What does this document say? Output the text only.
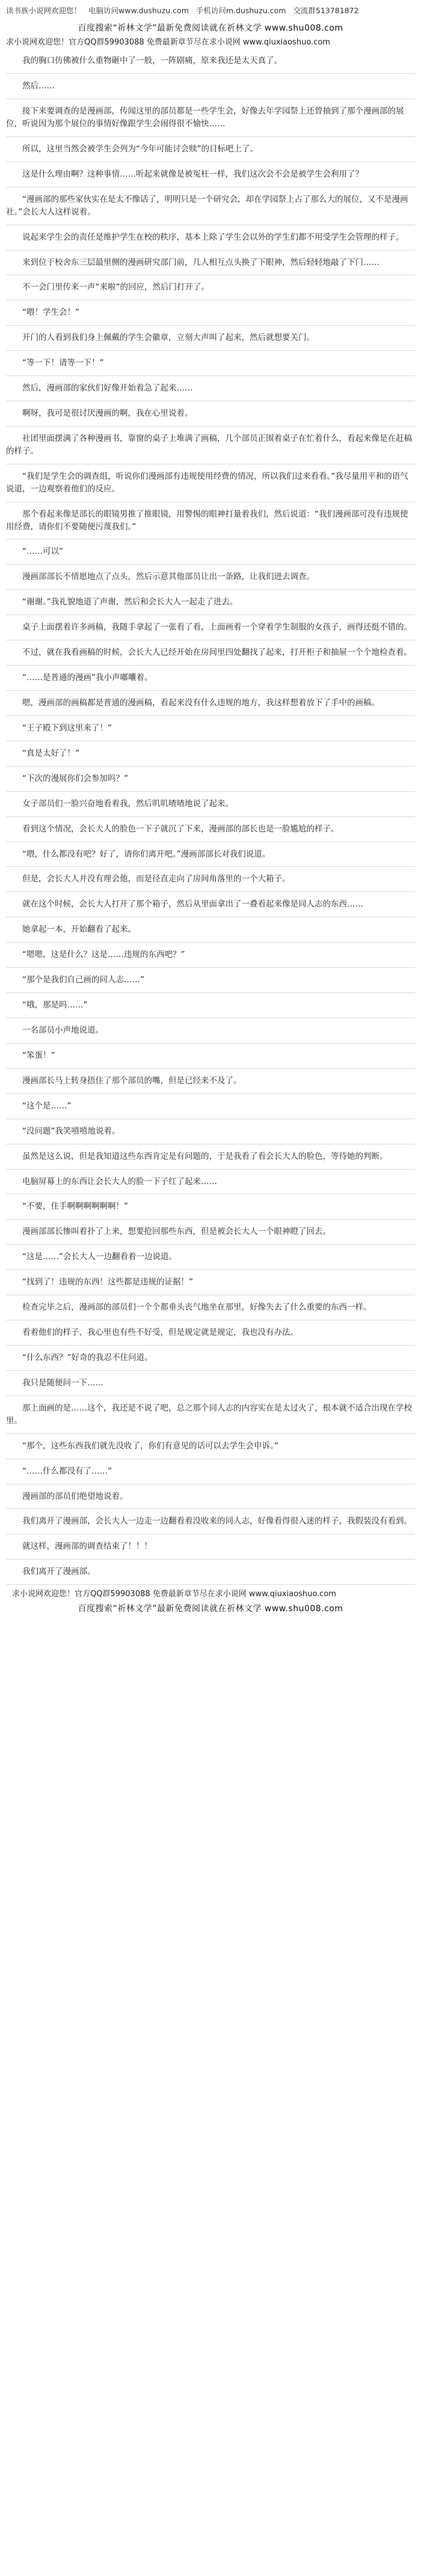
读书族小说网欢迎您！ 电脑访问www.dushuzu.com 手机访问m.dushuzu.com 交流群513781872
百度搜索“祈林文学”最新免费阅读就在祈林文学 www.shu008.com
求小说网欢迎您！官方QQ群59903088 免费最新章节尽在求小说网 www.qiuxiaoshuo.com

我的胸口仿佛被什么重物砸中了一般，一阵剧痛，原来我还是太天真了。

然后……

接下来要调查的是漫画部，传闻这里的部员都是一些学生会，好像去年学园祭上还曾抽到了那个漫画部的展位，听说因为那个展位的事情好像跟学生会闹得很不愉快……

所以，这里当然会被学生会列为“今年可能讨会赎”的目标吧上了。

这是什么理由啊？这种事情……听起来就像是被冤枉一样，我们这次会不会是被学生会利用了？

“漫画部的那些家伙实在是太不像话了，明明只是一个研究会，却在学园祭上占了那么大的展位，又不是漫画社。”会长大人这样说着。

说起来学生会的责任是维护学生在校的秩序，基本上除了学生会以外的学生们都不用受学生会管理的样子。

来到位于校舍东三层最里侧的漫画研究部门前，几人相互点头换了下眼神，然后轻轻地敲了下门……

不一会门里传来一声“来啦”的回应，然后门打开了。

“喂！学生会！”

开门的人看到我们身上佩戴的学生会徽章，立刻大声叫了起来，然后就想要关门。

“等一下！请等一下！”

然后，漫画部的家伙们好像开始着急了起来……

啊呀，我可是很讨厌漫画的啊，我在心里说着。

社团里面摆满了各种漫画书，靠窗的桌子上堆满了画稿，几个部员正围着桌子在忙着什么，看起来像是在赶稿的样子。

“我们是学生会的调查组，听说你们漫画部有违规使用经费的情况，所以我们过来看看。”我尽量用平和的语气说道，一边观察着他们的反应。

那个看起来像是部长的眼镜男推了推眼镜，用警惕的眼神打量着我们，然后说道：“我们漫画部可没有违规使用经费，请你们不要随便污蔑我们。”

“……可以”

漫画部部长不情愿地点了点头，然后示意其他部员让出一条路，让我们进去调查。

“谢谢。”我礼貌地道了声谢，然后和会长大人一起走了进去。

桌子上面摆着许多画稿，我随手拿起了一张看了看，上面画着一个穿着学生制服的女孩子，画得还挺不错的。

不过，就在我看画稿的时候，会长大人已经开始在房间里四处翻找了起来，打开柜子和抽屉一个个地检查着。

“……是普通的漫画”我小声嘟囔着。

嗯，漫画部的画稿都是普通的漫画稿，看起来没有什么违规的地方，我这样想着放下了手中的画稿。

“王子殿下到这里来了！”

“真是太好了！”

“下次的漫展你们会参加吗？”

女子部员们一脸兴奋地看着我，然后叽叽喳喳地说了起来。

看到这个情况，会长大人的脸色一下子就沉了下来，漫画部的部长也是一脸尴尬的样子。

“喂，什么都没有吧？好了，请你们离开吧。”漫画部部长对我们说道。

但是，会长大人并没有理会他，而是径直走向了房间角落里的一个大箱子。

就在这个时候，会长大人打开了那个箱子，然后从里面拿出了一叠看起来像是同人志的东西……

她拿起一本，开始翻看了起来。

“嗯嗯，这是什么？这是……违规的东西吧？”

“那个是我们自己画的同人志……”

“哦，那是吗……”

一名部员小声地说道。

“笨蛋！”

漫画部长马上转身捂住了那个部员的嘴，但是已经来不及了。

“这个是……”

“没问题”我笑嘻嘻地说着。

虽然是这么说，但是我知道这些东西肯定是有问题的，于是我看了看会长大人的脸色，等待她的判断。

电脑屏幕上的东西让会长大人的脸一下子红了起来……

“不要，住手啊啊啊啊啊啊！”

漫画部部长惨叫着扑了上来，想要抢回那些东西，但是被会长大人一个眼神瞪了回去。

“这是……”会长大人一边翻看着一边说道。

“找到了！违规的东西！这些都是违规的证据！”

检查完毕之后，漫画部的部员们一个个都垂头丧气地坐在那里，好像失去了什么重要的东西一样。

看着他们的样子，我心里也有些不好受，但是规定就是规定，我也没有办法。

“什么东西？”好奇的我忍不住问道。

我只是随便问一下……

那上面画的是……这个，我还是不说了吧，总之那个同人志的内容实在是太过火了，根本就不适合出现在学校里。

“那个，这些东西我们就先没收了，你们有意见的话可以去学生会申诉。”

“……什么都没有了……”

漫画部的部员们绝望地说着。

我们离开了漫画部，会长大人一边走一边翻看着没收来的同人志，好像看得很入迷的样子，我假装没有看到。

就这样，漫画部的调查结束了！！！

我们离开了漫画部。

求小说网欢迎您！官方QQ群59903088 免费最新章节尽在求小说网 www.qiuxiaoshuo.com
百度搜索“祈林文学”最新免费阅读就在祈林文学 www.shu008.com
